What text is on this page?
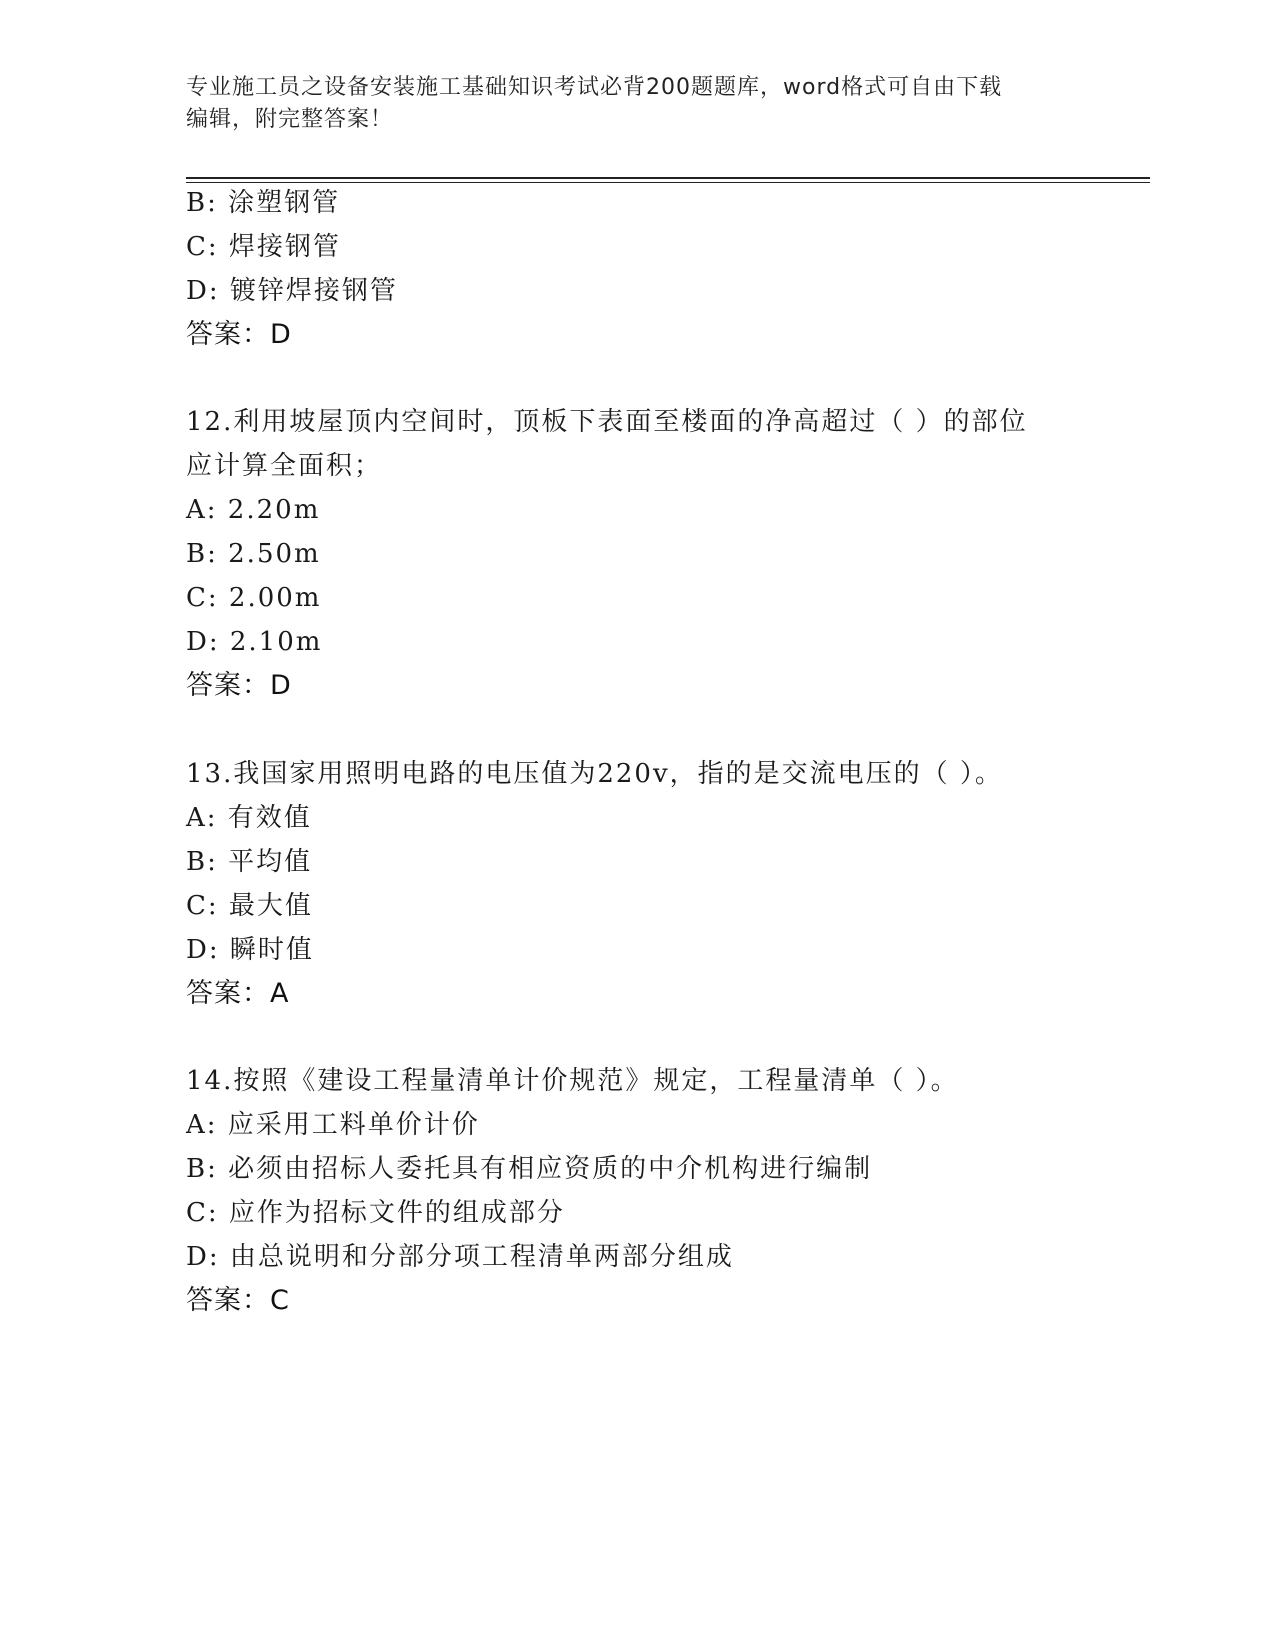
专业施工员之设备安装施工基础知识考试必背200题题库，word格式可自由下载
编辑，附完整答案！
B: 涂塑钢管
C: 焊接钢管
D: 镀锌焊接钢管
答案：D
12.利用坡屋顶内空间时，顶板下表面至楼面的净高超过（ ）的部位
应计算全面积；
A: 2.20m
B: 2.50m
C: 2.00m
D: 2.10m
答案：D
13.我国家用照明电路的电压值为220v，指的是交流电压的（ ）。
A: 有效值
B: 平均值
C: 最大值
D: 瞬时值
答案：A
14.按照《建设工程量清单计价规范》规定，工程量清单（ ）。
A: 应采用工料单价计价
B: 必须由招标人委托具有相应资质的中介机构进行编制
C: 应作为招标文件的组成部分
D: 由总说明和分部分项工程清单两部分组成
答案：C
